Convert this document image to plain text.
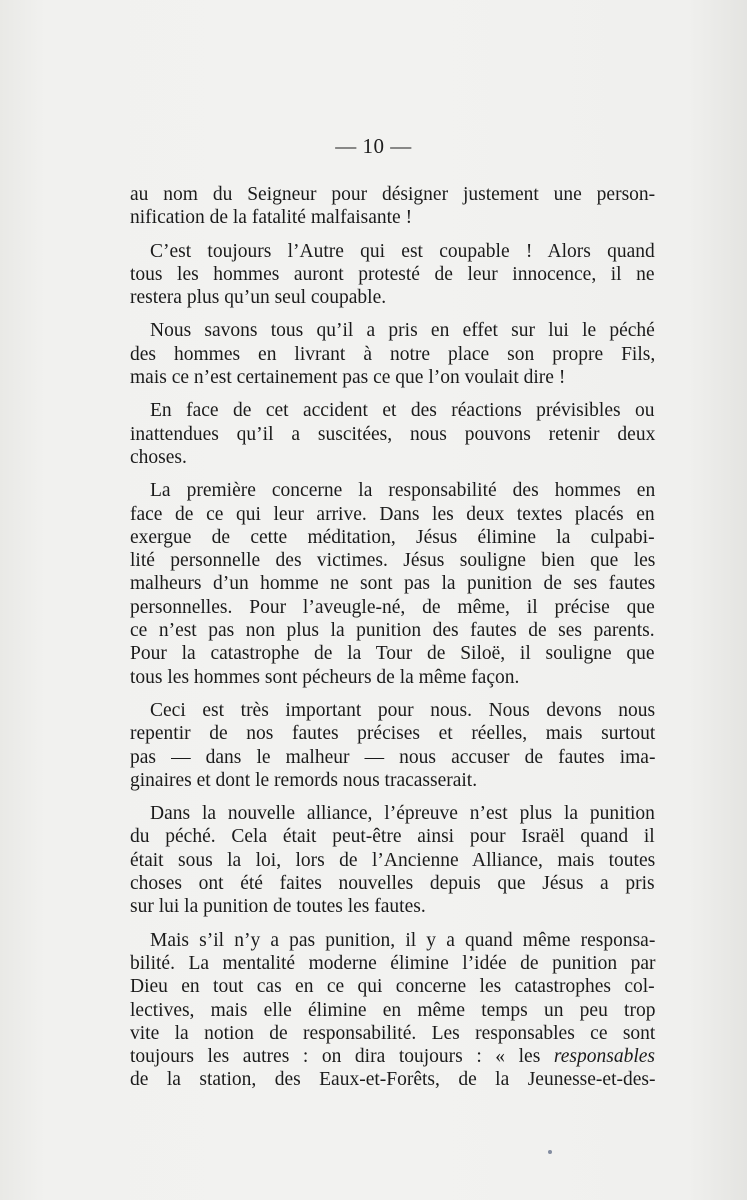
— 10 —
au nom du Seigneur pour désigner justement une person-
nification de la fatalité malfaisante !
C’est toujours l’Autre qui est coupable ! Alors quand
tous les hommes auront protesté de leur innocence, il ne
restera plus qu’un seul coupable.
Nous savons tous qu’il a pris en effet sur lui le péché
des hommes en livrant à notre place son propre Fils,
mais ce n’est certainement pas ce que l’on voulait dire !
En face de cet accident et des réactions prévisibles ou
inattendues qu’il a suscitées, nous pouvons retenir deux
choses.
La première concerne la responsabilité des hommes en
face de ce qui leur arrive. Dans les deux textes placés en
exergue de cette méditation, Jésus élimine la culpabi-
lité personnelle des victimes. Jésus souligne bien que les
malheurs d’un homme ne sont pas la punition de ses fautes
personnelles. Pour l’aveugle-né, de même, il précise que
ce n’est pas non plus la punition des fautes de ses parents.
Pour la catastrophe de la Tour de Siloë, il souligne que
tous les hommes sont pécheurs de la même façon.
Ceci est très important pour nous. Nous devons nous
repentir de nos fautes précises et réelles, mais surtout
pas — dans le malheur — nous accuser de fautes ima-
ginaires et dont le remords nous tracasserait.
Dans la nouvelle alliance, l’épreuve n’est plus la punition
du péché. Cela était peut-être ainsi pour Israël quand il
était sous la loi, lors de l’Ancienne Alliance, mais toutes
choses ont été faites nouvelles depuis que Jésus a pris
sur lui la punition de toutes les fautes.
Mais s’il n’y a pas punition, il y a quand même responsa-
bilité. La mentalité moderne élimine l’idée de punition par
Dieu en tout cas en ce qui concerne les catastrophes col-
lectives, mais elle élimine en même temps un peu trop
vite la notion de responsabilité. Les responsables ce sont
toujours les autres : on dira toujours : « les responsables
de la station, des Eaux-et-Forêts, de la Jeunesse-et-des-
